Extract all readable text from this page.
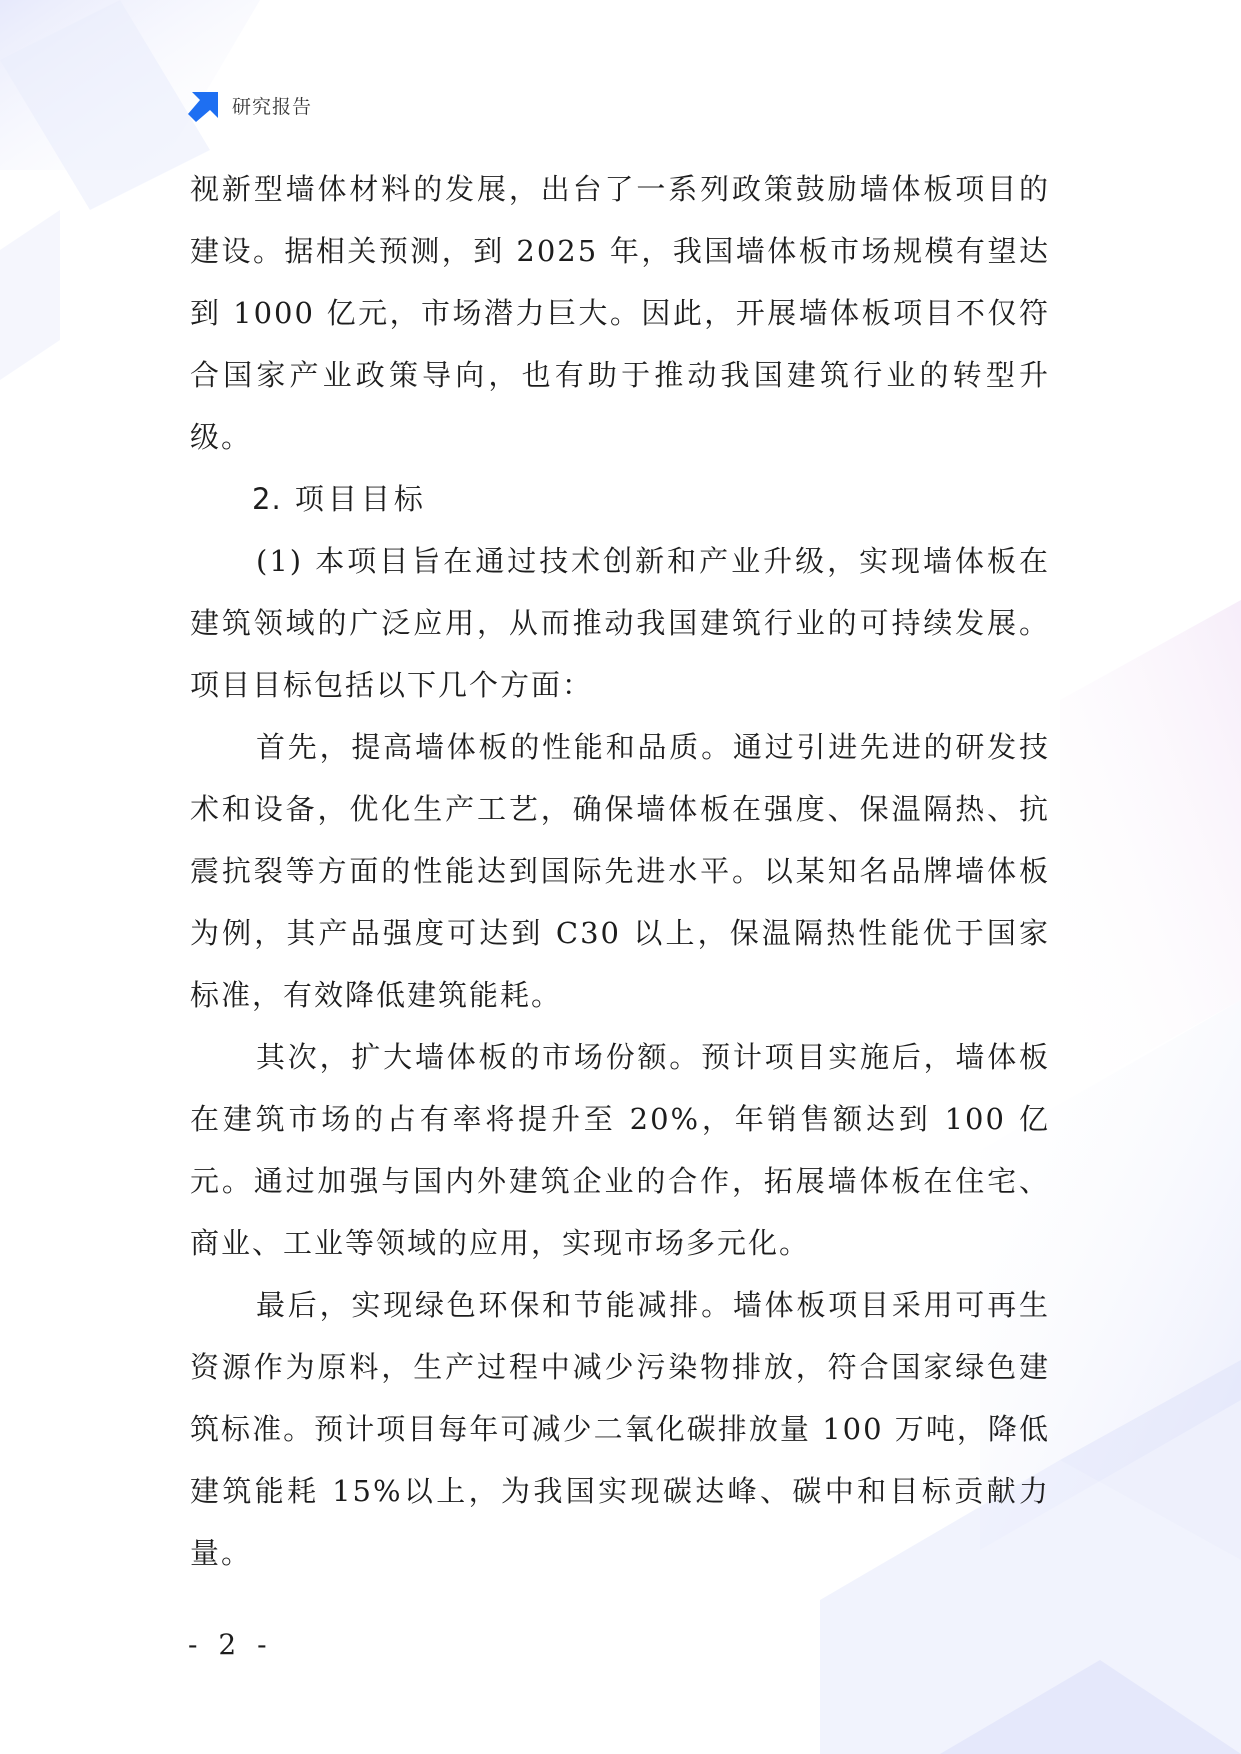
研究报告

视新型墙体材料的发展，出台了一系列政策鼓励墙体板项目的建设。据相关预测，到 2025 年，我国墙体板市场规模有望达到 1000 亿元，市场潜力巨大。因此，开展墙体板项目不仅符合国家产业政策导向，也有助于推动我国建筑行业的转型升级。

2. 项目目标

(1) 本项目旨在通过技术创新和产业升级，实现墙体板在建筑领域的广泛应用，从而推动我国建筑行业的可持续发展。项目目标包括以下几个方面：

首先，提高墙体板的性能和品质。通过引进先进的研发技术和设备，优化生产工艺，确保墙体板在强度、保温隔热、抗震抗裂等方面的性能达到国际先进水平。以某知名品牌墙体板为例，其产品强度可达到 C30 以上，保温隔热性能优于国家标准，有效降低建筑能耗。

其次，扩大墙体板的市场份额。预计项目实施后，墙体板在建筑市场的占有率将提升至 20%，年销售额达到 100 亿元。通过加强与国内外建筑企业的合作，拓展墙体板在住宅、商业、工业等领域的应用，实现市场多元化。

最后，实现绿色环保和节能减排。墙体板项目采用可再生资源作为原料，生产过程中减少污染物排放，符合国家绿色建筑标准。预计项目每年可减少二氧化碳排放量 100 万吨，降低建筑能耗 15%以上，为我国实现碳达峰、碳中和目标贡献力量。

- 2 -
